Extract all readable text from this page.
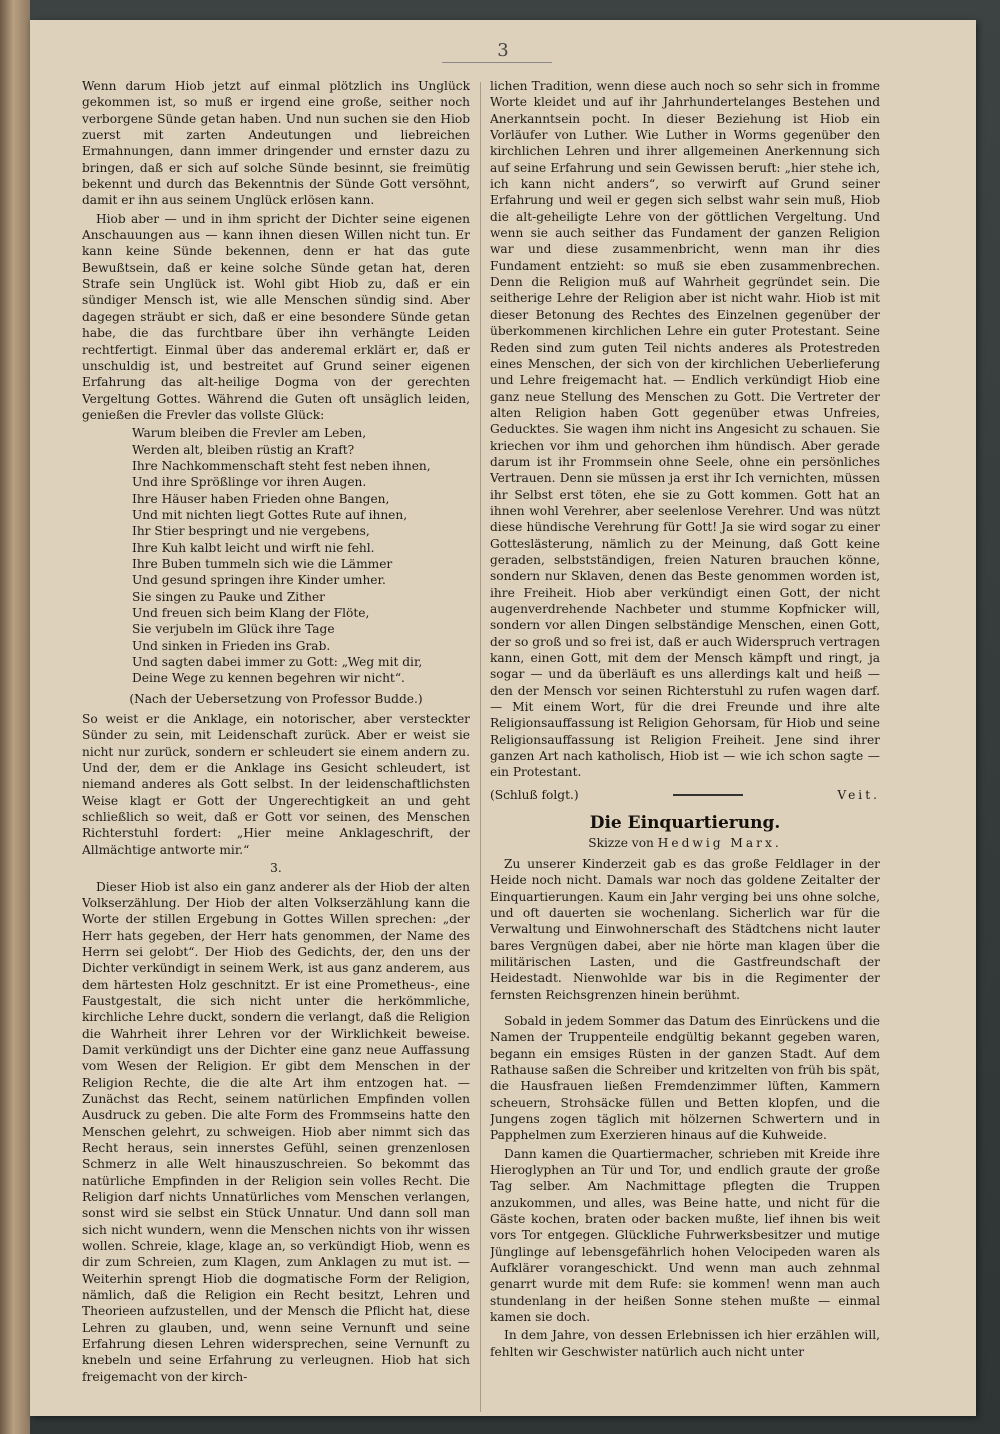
3

Wenn darum Hiob jetzt auf einmal plötzlich ins Unglück gekommen ist, so muß er irgend eine große, seither noch verborgene Sünde getan haben. Und nun suchen sie den Hiob zuerst mit zarten Andeutungen und liebreichen Ermahnungen, dann immer dringender und ernster dazu zu bringen, daß er sich auf solche Sünde besinnt, sie freimütig bekennt und durch das Bekenntnis der Sünde Gott versöhnt, damit er ihn aus seinem Unglück erlösen kann.

Hiob aber — und in ihm spricht der Dichter seine eigenen Anschauungen aus — kann ihnen diesen Willen nicht tun. Er kann keine Sünde bekennen, denn er hat das gute Bewußtsein, daß er keine solche Sünde getan hat, deren Strafe sein Unglück ist. Wohl gibt Hiob zu, daß er ein sündiger Mensch ist, wie alle Menschen sündig sind. Aber dagegen sträubt er sich, daß er eine besondere Sünde getan habe, die das furchtbare über ihn verhängte Leiden rechtfertigt. Einmal über das anderemal erklärt er, daß er unschuldig ist, und bestreitet auf Grund seiner eigenen Erfahrung das alt-heilige Dogma von der gerechten Vergeltung Gottes. Während die Guten oft unsäglich leiden, genießen die Frevler das vollste Glück:

Warum bleiben die Frevler am Leben,
Werden alt, bleiben rüstig an Kraft?
Ihre Nachkommenschaft steht fest neben ihnen,
Und ihre Sprößlinge vor ihren Augen.
Ihre Häuser haben Frieden ohne Bangen,
Und mit nichten liegt Gottes Rute auf ihnen,
Ihr Stier bespringt und nie vergebens,
Ihre Kuh kalbt leicht und wirft nie fehl.
Ihre Buben tummeln sich wie die Lämmer
Und gesund springen ihre Kinder umher.
Sie singen zu Pauke und Zither
Und freuen sich beim Klang der Flöte,
Sie verjubeln im Glück ihre Tage
Und sinken in Frieden ins Grab.
Und sagten dabei immer zu Gott: „Weg mit dir,
Deine Wege zu kennen begehren wir nicht“.
(Nach der Uebersetzung von Professor Budde.)

So weist er die Anklage, ein notorischer, aber versteckter Sünder zu sein, mit Leidenschaft zurück. Aber er weist sie nicht nur zurück, sondern er schleudert sie einem andern zu. Und der, dem er die Anklage ins Gesicht schleudert, ist niemand anderes als Gott selbst. In der leidenschaftlichsten Weise klagt er Gott der Ungerechtigkeit an und geht schließlich so weit, daß er Gott vor seinen, des Menschen Richterstuhl fordert: „Hier meine Anklageschrift, der Allmächtige antworte mir.“

3.

Dieser Hiob ist also ein ganz anderer als der Hiob der alten Volkserzählung. Der Hiob der alten Volkserzählung kann die Worte der stillen Ergebung in Gottes Willen sprechen: „der Herr hats gegeben, der Herr hats genommen, der Name des Herrn sei gelobt“. Der Hiob des Gedichts, der, den uns der Dichter verkündigt in seinem Werk, ist aus ganz anderem, aus dem härtesten Holz geschnitzt. Er ist eine Prometheus-, eine Faustgestalt, die sich nicht unter die herkömmliche, kirchliche Lehre duckt, sondern die verlangt, daß die Religion die Wahrheit ihrer Lehren vor der Wirklichkeit beweise. Damit verkündigt uns der Dichter eine ganz neue Auffassung vom Wesen der Religion. Er gibt dem Menschen in der Religion Rechte, die die alte Art ihm entzogen hat. — Zunächst das Recht, seinem natürlichen Empfinden vollen Ausdruck zu geben. Die alte Form des Frommseins hatte den Menschen gelehrt, zu schweigen. Hiob aber nimmt sich das Recht heraus, sein innerstes Gefühl, seinen grenzenlosen Schmerz in alle Welt hinauszuschreien. So bekommt das natürliche Empfinden in der Religion sein volles Recht. Die Religion darf nichts Unnatürliches vom Menschen verlangen, sonst wird sie selbst ein Stück Unnatur. Und dann soll man sich nicht wundern, wenn die Menschen nichts von ihr wissen wollen. Schreie, klage, klage an, so verkündigt Hiob, wenn es dir zum Schreien, zum Klagen, zum Anklagen zu mut ist. — Weiterhin sprengt Hiob die dogmatische Form der Religion, nämlich, daß die Religion ein Recht besitzt, Lehren und Theorieen aufzustellen, und der Mensch die Pflicht hat, diese Lehren zu glauben, und, wenn seine Vernunft und seine Erfahrung diesen Lehren widersprechen, seine Vernunft zu knebeln und seine Erfahrung zu verleugnen. Hiob hat sich freigemacht von der kirch-

lichen Tradition, wenn diese auch noch so sehr sich in fromme Worte kleidet und auf ihr Jahrhundertelanges Bestehen und Anerkanntsein pocht. In dieser Beziehung ist Hiob ein Vorläufer von Luther. Wie Luther in Worms gegenüber den kirchlichen Lehren und ihrer allgemeinen Anerkennung sich auf seine Erfahrung und sein Gewissen beruft: „hier stehe ich, ich kann nicht anders“, so verwirft auf Grund seiner Erfahrung und weil er gegen sich selbst wahr sein muß, Hiob die alt-geheiligte Lehre von der göttlichen Vergeltung. Und wenn sie auch seither das Fundament der ganzen Religion war und diese zusammenbricht, wenn man ihr dies Fundament entzieht: so muß sie eben zusammenbrechen. Denn die Religion muß auf Wahrheit gegründet sein. Die seitherige Lehre der Religion aber ist nicht wahr. Hiob ist mit dieser Betonung des Rechtes des Einzelnen gegenüber der überkommenen kirchlichen Lehre ein guter Protestant. Seine Reden sind zum guten Teil nichts anderes als Protestreden eines Menschen, der sich von der kirchlichen Ueberlieferung und Lehre freigemacht hat. — Endlich verkündigt Hiob eine ganz neue Stellung des Menschen zu Gott. Die Vertreter der alten Religion haben Gott gegenüber etwas Unfreies, Geducktes. Sie wagen ihm nicht ins Angesicht zu schauen. Sie kriechen vor ihm und gehorchen ihm hündisch. Aber gerade darum ist ihr Frommsein ohne Seele, ohne ein persönliches Vertrauen. Denn sie müssen ja erst ihr Ich vernichten, müssen ihr Selbst erst töten, ehe sie zu Gott kommen. Gott hat an ihnen wohl Verehrer, aber seelenlose Verehrer. Und was nützt diese hündische Verehrung für Gott! Ja sie wird sogar zu einer Gotteslästerung, nämlich zu der Meinung, daß Gott keine geraden, selbstständigen, freien Naturen brauchen könne, sondern nur Sklaven, denen das Beste genommen worden ist, ihre Freiheit. Hiob aber verkündigt einen Gott, der nicht augenverdrehende Nachbeter und stumme Kopfnicker will, sondern vor allen Dingen selbständige Menschen, einen Gott, der so groß und so frei ist, daß er auch Widerspruch vertragen kann, einen Gott, mit dem der Mensch kämpft und ringt, ja sogar — und da überläuft es uns allerdings kalt und heiß — den der Mensch vor seinen Richterstuhl zu rufen wagen darf. — Mit einem Wort, für die drei Freunde und ihre alte Religionsauffassung ist Religion Gehorsam, für Hiob und seine Religionsauffassung ist Religion Freiheit. Jene sind ihrer ganzen Art nach katholisch, Hiob ist — wie ich schon sagte — ein Protestant.

(Schluß folgt.)	Veit.
Die Einquartierung.
Skizze von Hedwig Marx.

Zu unserer Kinderzeit gab es das große Feldlager in der Heide noch nicht. Damals war noch das goldene Zeitalter der Einquartierungen. Kaum ein Jahr verging bei uns ohne solche, und oft dauerten sie wochenlang. Sicherlich war für die Verwaltung und Einwohnerschaft des Städtchens nicht lauter bares Vergnügen dabei, aber nie hörte man klagen über die militärischen Lasten, und die Gastfreundschaft der Heidestadt. Nienwohlde war bis in die Regimenter der fernsten Reichsgrenzen hinein berühmt.

Sobald in jedem Sommer das Datum des Einrückens und die Namen der Truppenteile endgültig bekannt gegeben waren, begann ein emsiges Rüsten in der ganzen Stadt. Auf dem Rathause saßen die Schreiber und kritzelten von früh bis spät, die Hausfrauen ließen Fremdenzimmer lüften, Kammern scheuern, Strohsäcke füllen und Betten klopfen, und die Jungens zogen täglich mit hölzernen Schwertern und in Papphelmen zum Exerzieren hinaus auf die Kuhweide.

Dann kamen die Quartiermacher, schrieben mit Kreide ihre Hieroglyphen an Tür und Tor, und endlich graute der große Tag selber. Am Nachmittage pflegten die Truppen anzukommen, und alles, was Beine hatte, und nicht für die Gäste kochen, braten oder backen mußte, lief ihnen bis weit vors Tor entgegen. Glückliche Fuhrwerksbesitzer und mutige Jünglinge auf lebensgefährlich hohen Velocipeden waren als Aufklärer vorangeschickt. Und wenn man auch zehnmal genarrt wurde mit dem Rufe: sie kommen! wenn man auch stundenlang in der heißen Sonne stehen mußte — einmal kamen sie doch.

In dem Jahre, von dessen Erlebnissen ich hier erzählen will, fehlten wir Geschwister natürlich auch nicht unter
